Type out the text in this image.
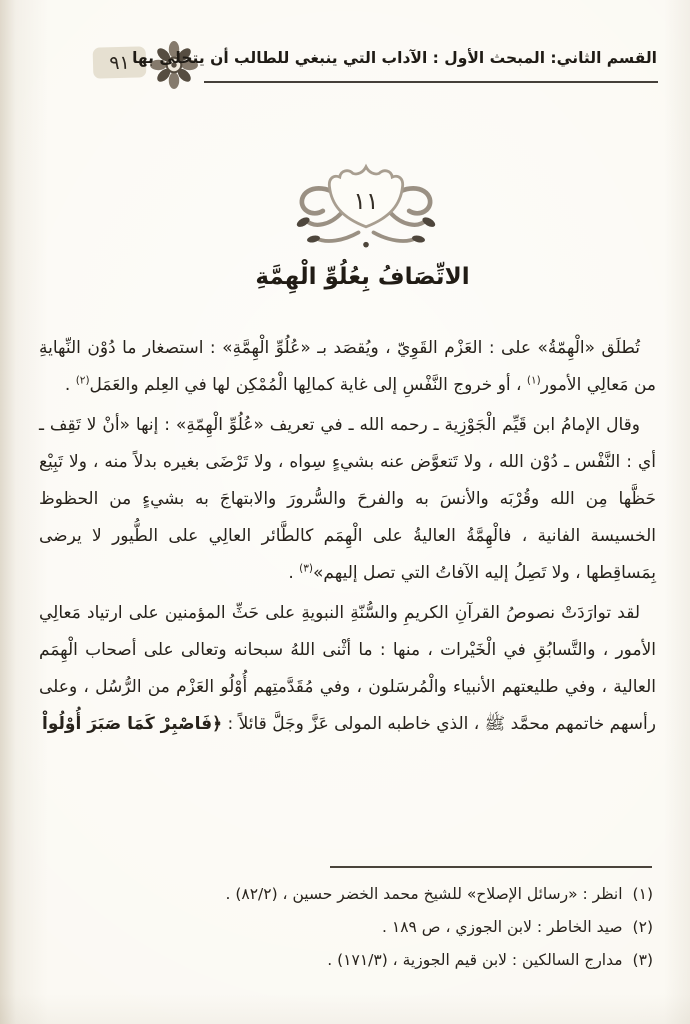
٩١ القسم الثاني: المبحث الأول : الآداب التي ينبغي للطالب أن يتحلى بها
١١
الاتِّصَافُ بِعُلُوِّ الْهِمَّةِ

تُطلَق «الْهِمّةُ» على : العَزْم القَوِيّ ، ويُقصَد بـ «عُلُوِّ الْهِمَّةِ» : استصغار ما دُوْن النِّهايةِ من مَعالِي الأمور$^{(١)}$ ، أو خروج النَّفْسِ إلى غاية كمالِها الْمُمْكِن لها في العِلم والعَمَل$^{(٢)}$ .

وقال الإمامُ ابن قَيِّم الْجَوْزِية ـ رحمه الله ـ في تعريف «عُلُوِّ الْهِمّةِ» : إنها «أنْ لا تَقِف ـ أي : النَّفْس ـ دُوْن الله ، ولا تَتعوَّض عنه بشيءٍ سِواه ، ولا تَرْضَى بغيره بدلاً منه ، ولا تَبِيْع حَظَّها مِن الله وقُرْبَه والأنسَ به والفرحَ والسُّرورَ والابتهاجَ به بشيءٍ من الحظوظ الخسيسة الفانية ، فالْهِمَّةُ العاليةُ على الْهِمَم كالطَّائر العالِي على الطُّيور لا يرضى بِمَساقِطها ، ولا تَصِلُ إليه الآفاتُ التي تصل إليهم»$^{(٣)}$ .

لقد توارَدَتْ نصوصُ القرآنِ الكريمِ والسُّنّةِ النبويةِ على حَثِّ المؤمنين على ارتياد مَعالِي الأمور ، والتَّسابُقِ في الْخَيْرات ، منها : ما أثْنى اللهُ سبحانه وتعالى على أصحاب الْهِمَم العالية ، وفي طليعتهم الأنبياء والْمُرسَلون ، وفي مُقَدَّمتِهم أُوْلُو العَزْم من الرُّسُل ، وعلى رأسهم خاتمهم محمَّد ﷺ ، الذي خاطبه المولى عَزَّ وجَلَّ قائلاً : ﴿فَاصْبِرْ كَمَا صَبَرَ أُوْلُواْ

(١)
انظر : «رسائل الإصلاح» للشيخ محمد الخضر حسين ، (٨٢/٢) .
(٢)
صيد الخاطر : لابن الجوزي ، ص ١٨٩ .
(٣)
مدارج السالكين : لابن قيم الجوزية ، (١٧١/٣) .
